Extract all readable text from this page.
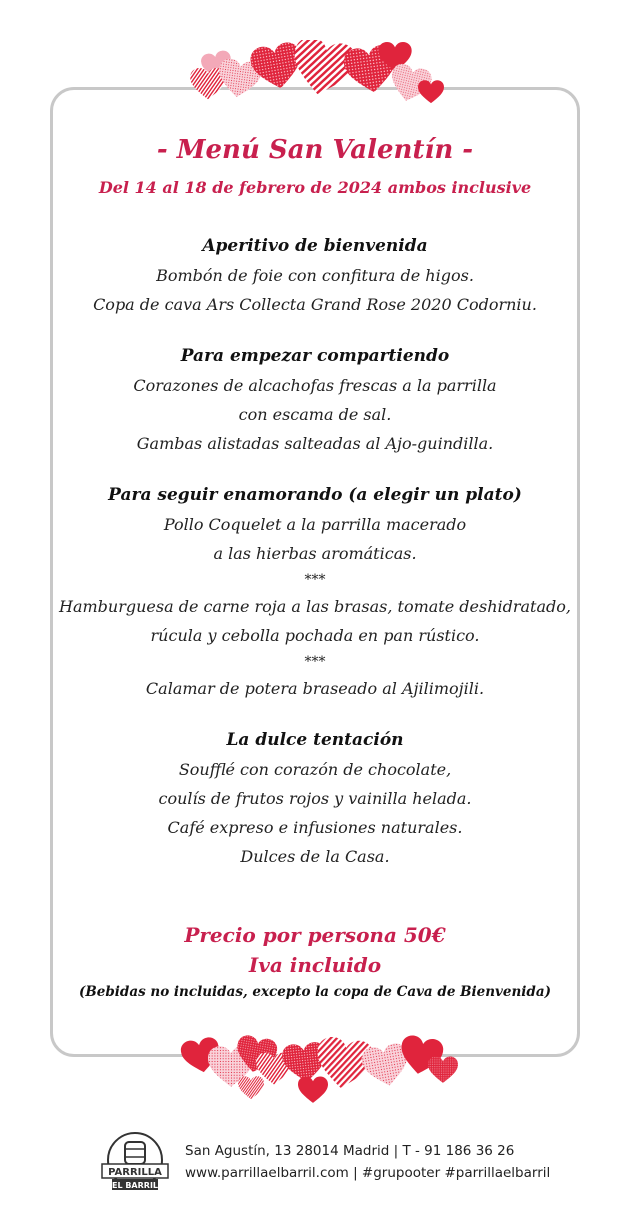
- Menú San Valentín -
Del 14 al 18 de febrero de 2024 ambos inclusive
Aperitivo de bienvenida
Bombón de foie con confitura de higos.
Copa de cava Ars Collecta Grand Rose 2020 Codorniu.
Para empezar compartiendo
Corazones de alcachofas frescas a la parrilla
con escama de sal.
Gambas alistadas salteadas al Ajo-guindilla.
Para seguir enamorando (a elegir un plato)
Pollo Coquelet a la parrilla macerado
a las hierbas aromáticas.
***
Hamburguesa de carne roja a las brasas, tomate deshidratado,
rúcula y cebolla pochada en pan rústico.
***
Calamar de potera braseado al Ajilimojili.
La dulce tentación
Soufflé con corazón de chocolate,
coulís de frutos rojos y vainilla helada.
Café expreso e infusiones naturales.
Dulces de la Casa.
Precio por persona 50€
Iva incluido
(Bebidas no incluidas, excepto la copa de Cava de Bienvenida)
PARRILLA
EL BARRIL
San Agustín, 13 28014 Madrid | T - 91 186 36 26
www.parrillaelbarril.com | #grupooter #parrillaelbarril
